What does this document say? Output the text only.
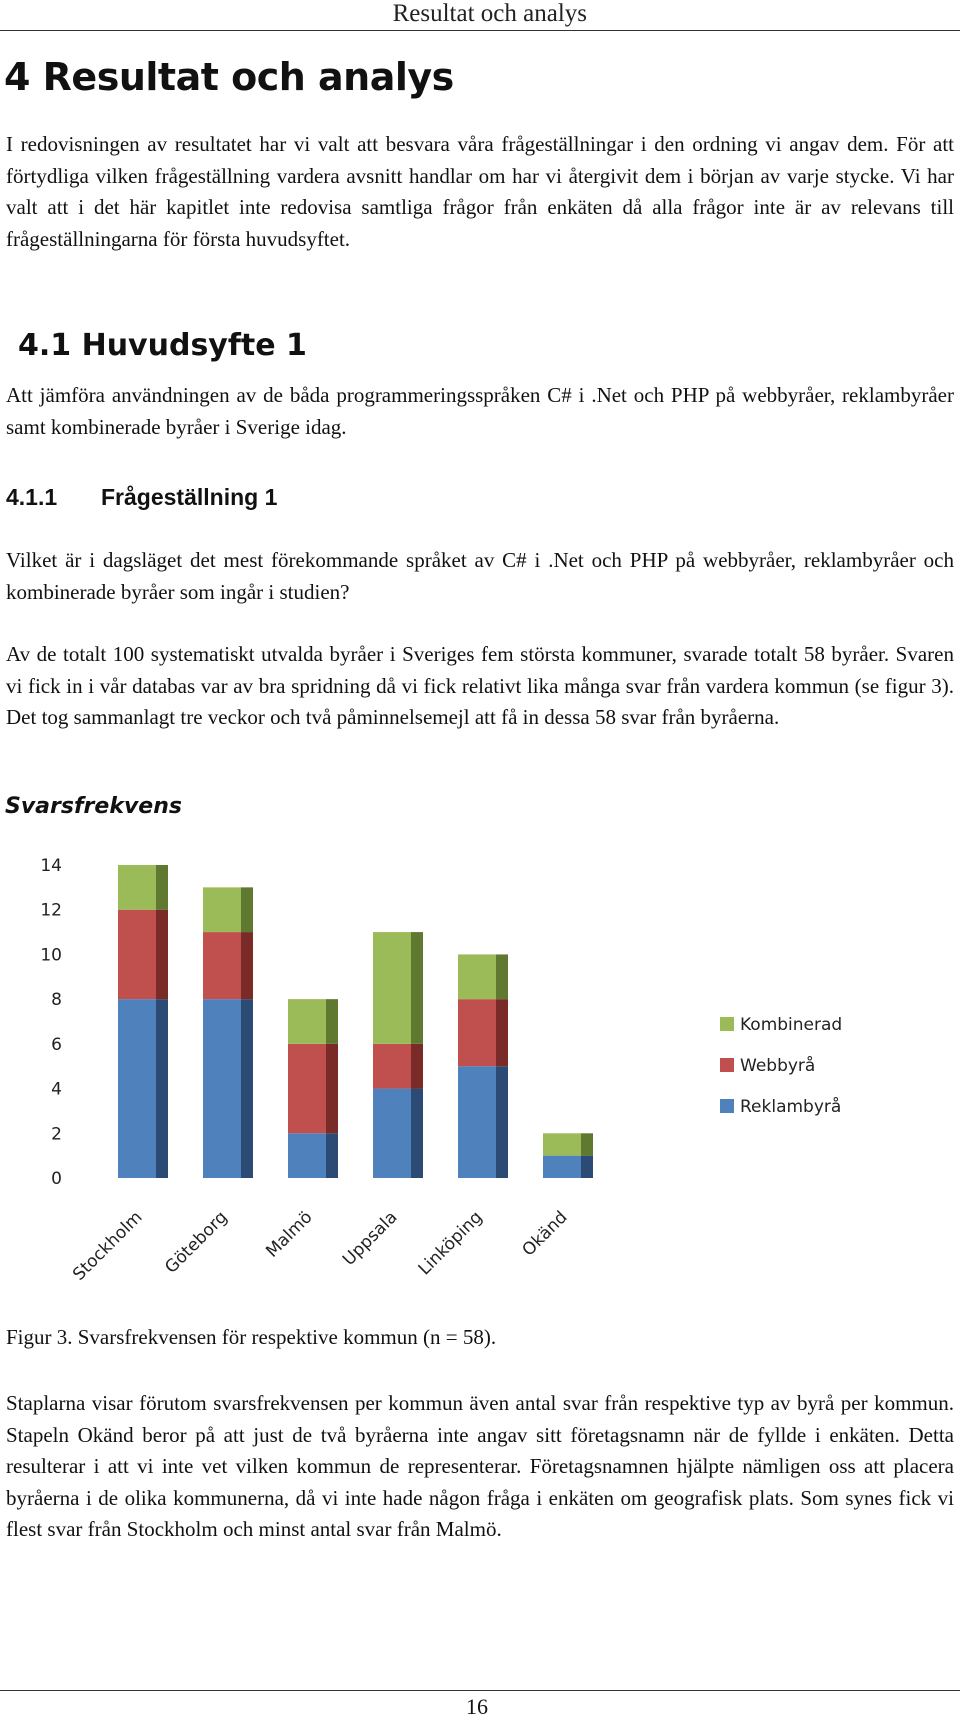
Resultat och analys
4 Resultat och analys

I redovisningen av resultatet har vi valt att besvara våra frågeställningar i den ordning vi angav dem. För att förtydliga vilken frågeställning vardera avsnitt handlar om har vi återgivit dem i början av varje stycke. Vi har valt att i det här kapitlet inte redovisa samtliga frågor från enkäten då alla frågor inte är av relevans till frågeställningarna för första huvudsyftet.

4.1 Huvudsyfte 1

Att jämföra användningen av de båda programmeringsspråken C# i .Net och PHP på webbyråer, reklambyråer samt kombinerade byråer i Sverige idag.

4.1.1 Frågeställning 1

Vilket är i dagsläget det mest förekommande språket av C# i .Net och PHP på webbyråer, reklambyråer och kombinerade byråer som ingår i studien?

Av de totalt 100 systematiskt utvalda byråer i Sveriges fem största kommuner, svarade totalt 58 byråer. Svaren vi fick in i vår databas var av bra spridning då vi fick relativt lika många svar från vardera kommun (se figur 3). Det tog sammanlagt tre veckor och två påminnelsemejl att få in dessa 58 svar från byråerna.

Svarsfrekvens
0
2
4
6
8
10
12
14
Stockholm Göteborg Malmö Uppsala Linköping Okänd
Kombinerad
Webbyrå
Reklambyrå

Figur 3. Svarsfrekvensen för respektive kommun (n = 58).

Staplarna visar förutom svarsfrekvensen per kommun även antal svar från respektive typ av byrå per kommun. Stapeln Okänd beror på att just de två byråerna inte angav sitt företagsnamn när de fyllde i enkäten. Detta resulterar i att vi inte vet vilken kommun de representerar. Företagsnamnen hjälpte nämligen oss att placera byråerna i de olika kommunerna, då vi inte hade någon fråga i enkäten om geografisk plats. Som synes fick vi flest svar från Stockholm och minst antal svar från Malmö.

16
